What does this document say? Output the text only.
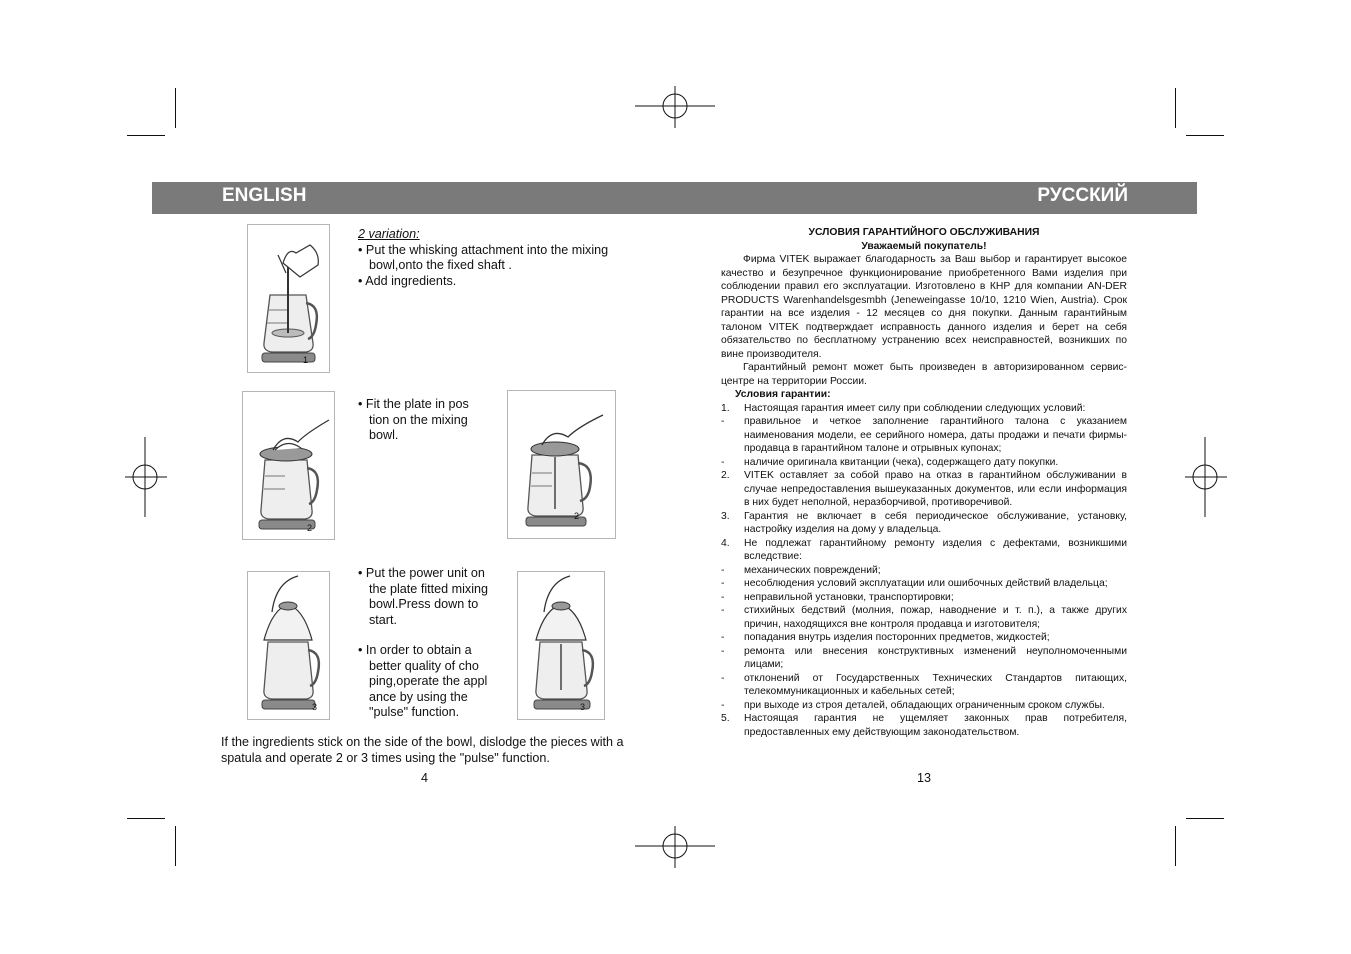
ENGLISH	РУССКИЙ
1
2 variation:
• Put the whisking attachment into the mixing bowl,onto the fixed shaft .
• Add ingredients.
2
• Fit the plate in pos tion on the mixing bowl.
2
3
• Put the power unit on the plate fitted mixing bowl.Press down to start.
• In order to obtain a better quality of cho ping,operate the appl ance by using the "pulse" function.	3
If the ingredients stick on the side of the bowl, dislodge the pieces with a spatula and operate 2 or 3 times using the "pulse" function.
4
УСЛОВИЯ ГАРАНТИЙНОГО ОБСЛУЖИВАНИЯ
Уважаемый покупатель!
Фирма VITEK выражает благодарность за Ваш выбор и гарантирует высокое качество и безупречное функционирование приобретенного Вами изделия при соблюдении правил его эксплуатации. Изготовлено в КНР для компании AN-DER PRODUCTS Warenhandelsgesmbh (Jeneweingasse 10/10, 1210 Wien, Austria). Срок гарантии на все изделия - 12 месяцев со дня покупки. Данным гарантийным талоном VITEK подтверждает исправность данного изделия и берет на себя обязательство по бесплатному устранению всех неисправностей, возникших по вине производителя.
Гарантийный ремонт может быть произведен в авторизированном сервис-центре на территории России.
Условия гарантии:
1. Настоящая гарантия имеет силу при соблюдении следующих условий:
- правильное и четкое заполнение гарантийного талона с указанием наименования модели, ее серийного номера, даты продажи и печати фирмы-продавца в гарантийном талоне и отрывных купонах;
- наличие оригинала квитанции (чека), содержащего дату покупки.
2. VITEK оставляет за собой право на отказ в гарантийном обслуживании в случае непредоставления вышеуказанных документов, или если информация в них будет неполной, неразборчивой, противоречивой.
3. Гарантия не включает в себя периодическое обслуживание, установку, настройку изделия на дому у владельца.
4. Не подлежат гарантийному ремонту изделия с дефектами, возникшими вследствие:
- механических повреждений;
- несоблюдения условий эксплуатации или ошибочных действий владельца;
- неправильной установки, транспортировки;
- стихийных бедствий (молния, пожар, наводнение и т. п.), а также других причин, находящихся вне контроля продавца и изготовителя;
- попадания внутрь изделия посторонних предметов, жидкостей;
- ремонта или внесения конструктивных изменений неуполномоченными лицами;
- отклонений от Государственных Технических Стандартов питающих, телекоммуникационных и кабельных сетей;
- при выходе из строя деталей, обладающих ограниченным сроком службы.
5. Настоящая гарантия не ущемляет законных прав потребителя, предоставленных ему действующим законодательством.
13
